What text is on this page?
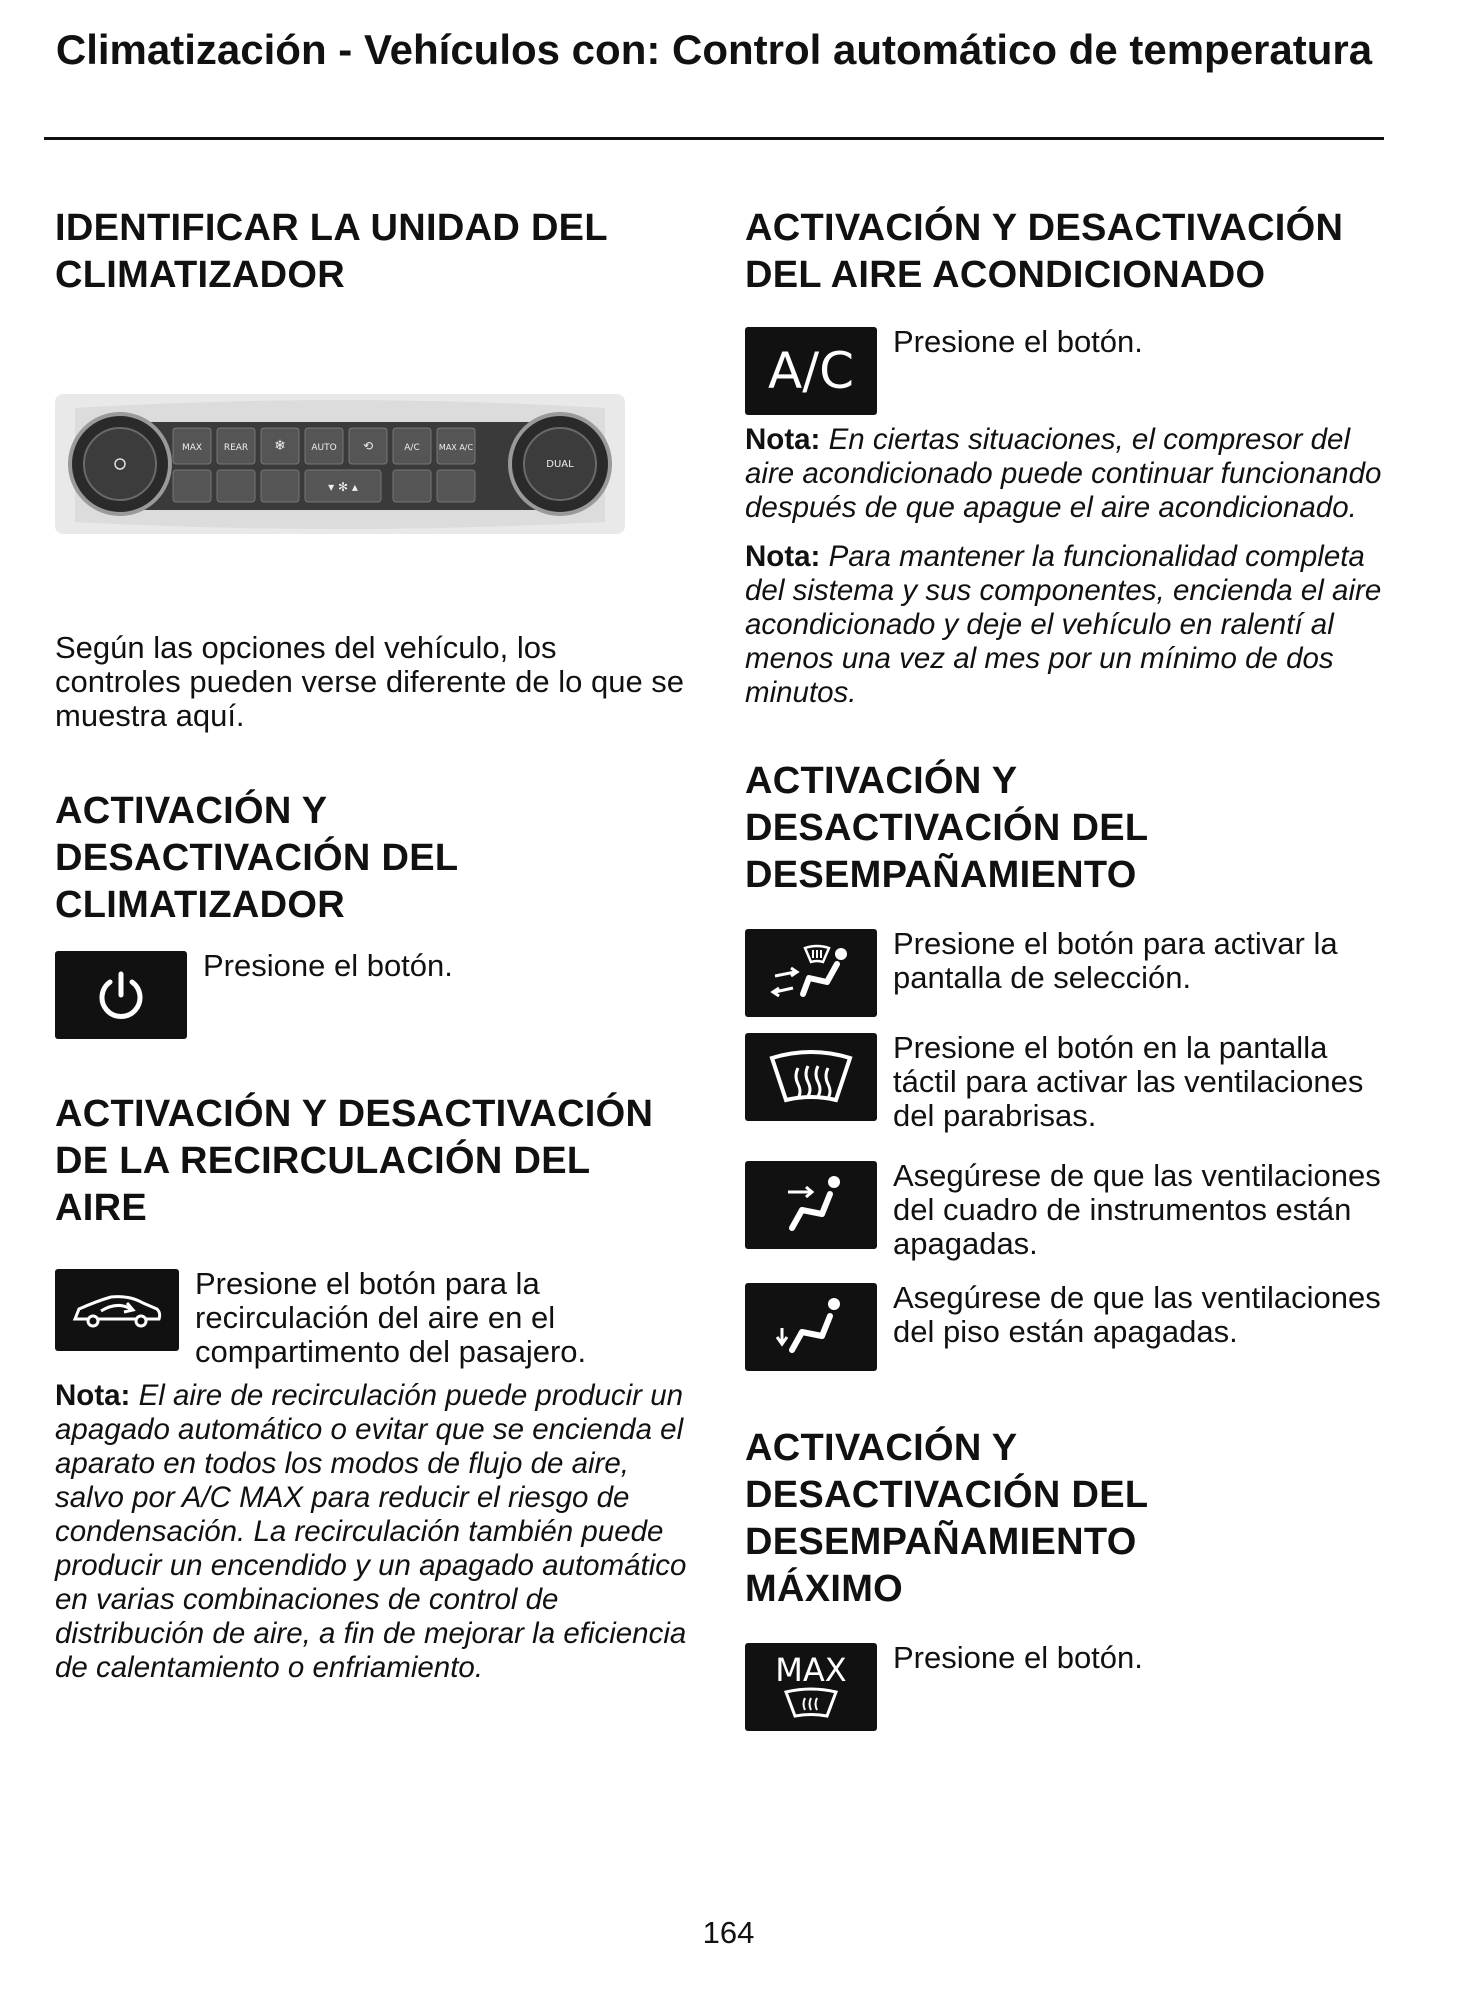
Climatización - Vehículos con: Control automático de temperatura
IDENTIFICAR LA UNIDAD DEL CLIMATIZADOR
MAX REAR ❄	AUTO ⟲	A/C MAX A/C
DUAL
▾ ✻ ▴

Según las opciones del vehículo, los controles pueden verse diferente de lo que se muestra aquí.

ACTIVACIÓN Y DESACTIVACIÓN DEL CLIMATIZADOR

Presione el botón.

ACTIVACIÓN Y DESACTIVACIÓN DE LA RECIRCULACIÓN DEL AIRE

Presione el botón para la recirculación del aire en el compartimento del pasajero.

Nota: El aire de recirculación puede producir un apagado automático o evitar que se encienda el aparato en todos los modos de flujo de aire, salvo por A/C MAX para reducir el riesgo de condensación. La recirculación también puede producir un encendido y un apagado automático en varias combinaciones de control de distribución de aire, a fin de mejorar la eficiencia de calentamiento o enfriamiento.

ACTIVACIÓN Y DESACTIVACIÓN DEL AIRE ACONDICIONADO
A/C

Presione el botón.

Nota: En ciertas situaciones, el compresor del aire acondicionado puede continuar funcionando después de que apague el aire acondicionado.

Nota: Para mantener la funcionalidad completa del sistema y sus componentes, encienda el aire acondicionado y deje el vehículo en ralentí al menos una vez al mes por un mínimo de dos minutos.

ACTIVACIÓN Y DESACTIVACIÓN DEL DESEMPAÑAMIENTO

Presione el botón para activar la pantalla de selección.

Presione el botón en la pantalla táctil para activar las ventilaciones del parabrisas.

Asegúrese de que las ventilaciones del cuadro de instrumentos están apagadas.

Asegúrese de que las ventilaciones del piso están apagadas.

ACTIVACIÓN Y DESACTIVACIÓN DEL DESEMPAÑAMIENTO MÁXIMO
MAX Presione el botón.

164
